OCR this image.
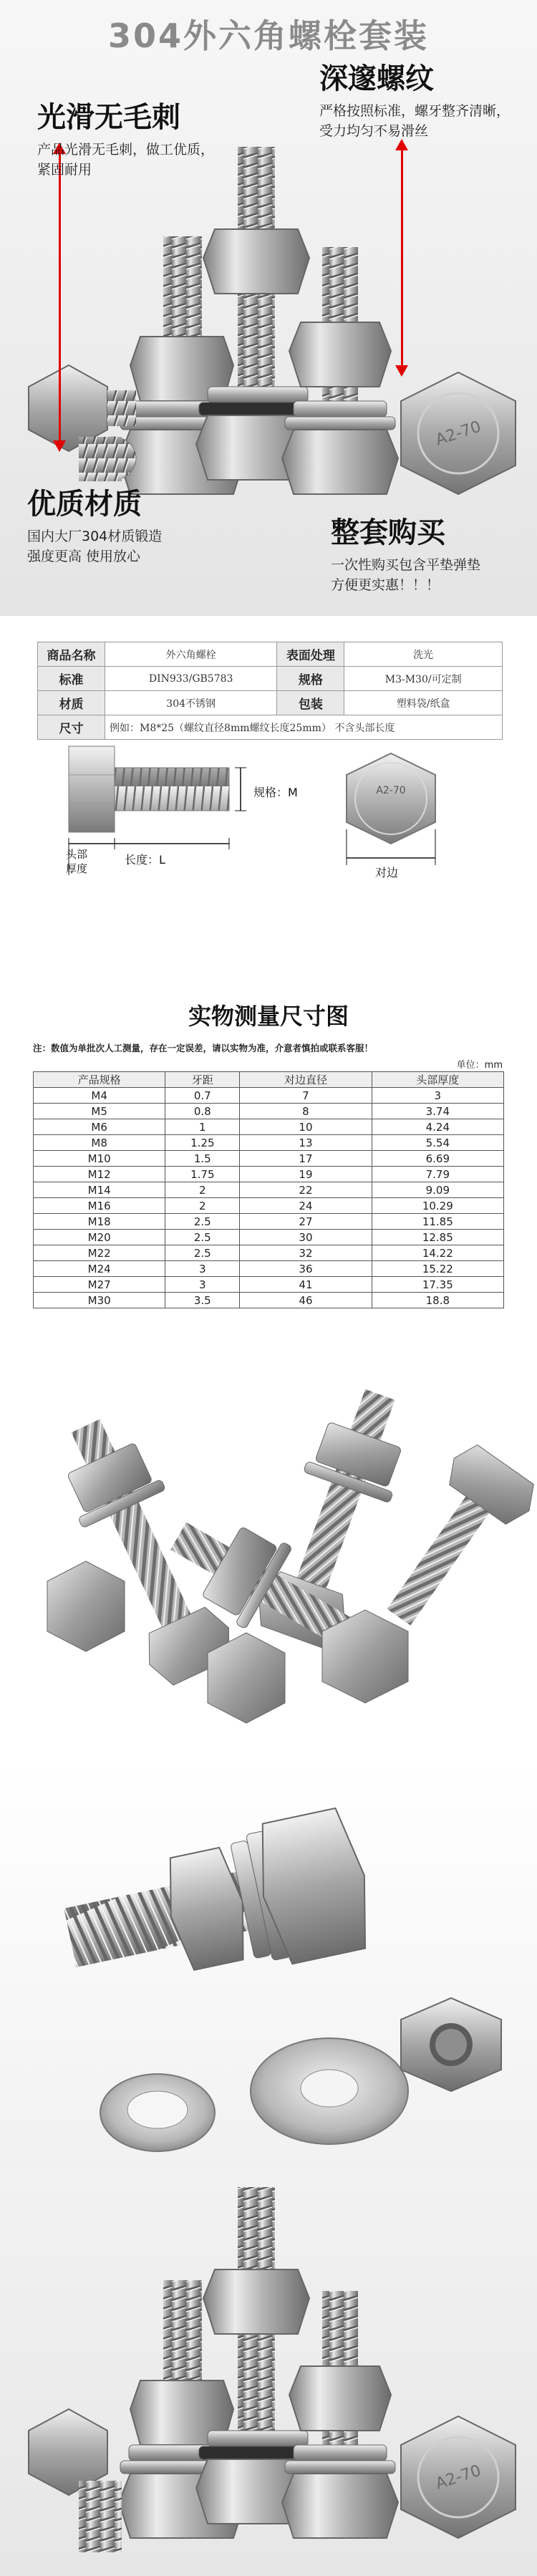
304外六角螺栓套装
A2-70
光滑无毛刺
产品光滑无毛刺，做工优质，
紧固耐用
深邃螺纹
严格按照标准，螺牙整齐清晰，
受力均匀不易滑丝
优质材质
国内大厂304材质锻造
强度更高 使用放心
整套购买
一次性购买包含平垫弹垫
方便更实惠！！！
商品名称	外六角螺栓	表面处理	洗光
标准	DIN933/GB5783	规格	M3-M30/可定制
材质	304不锈钢	包装	塑料袋/纸盒
尺寸	例如：M8*25（螺纹直径8mm螺纹长度25mm） 不含头部长度		
A2-70
规格：M
长度：L
头部
厚度	对边
实物测量尺寸图
注：数值为单批次人工测量，存在一定误差，请以实物为准，介意者慎拍或联系客服！
单位：mm
产品规格	牙距	对边直径	头部厚度
M4	0.7	7	3
M5	0.8	8	3.74
M6	1	10	4.24
M8	1.25	13	5.54
M10	1.5	17	6.69
M12	1.75	19	7.79
M14	2	22	9.09
M16	2	24	10.29
M18	2.5	27	11.85
M20	2.5	30	12.85
M22	2.5	32	14.22
M24	3	36	15.22
M27	3	41	17.35
M30	3.5	46	18.8
A2-70
